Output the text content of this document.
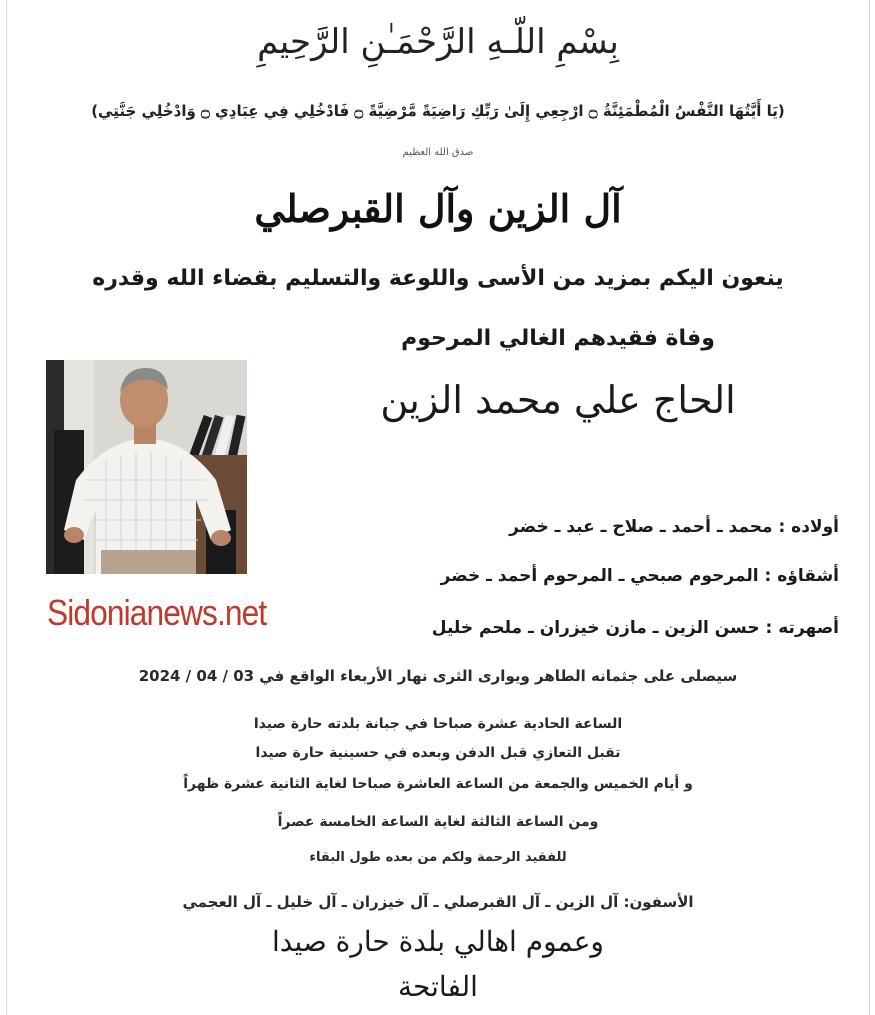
بِسْمِ اللّـهِ الرَّحْمَـٰنِ الرَّحِيمِ
(يَا أَيَّتُهَا النَّفْسُ الْمُطْمَئِنَّةُ ۝ ارْجِعِي إِلَىٰ رَبِّكِ رَاضِيَةً مَّرْضِيَّةً ۝ فَادْخُلِي فِي عِبَادِي ۝ وَادْخُلِي جَنَّتِي)
صدق الله العظيم
آل الزين وآل القبرصلي
ينعون اليكم بمزيد من الأسى واللوعة والتسليم بقضاء الله وقدره
وفاة فقيدهم الغالي المرحوم
الحاج علي محمد الزين
Sidonianews.net
أولاده : محمد ـ أحمد ـ صلاح ـ عبد ـ خضر
أشقاؤه : المرحوم صبحي ـ المرحوم أحمد ـ خضر
أصهرته : حسن الزين ـ مازن خيزران ـ ملحم خليل
سيصلى على جثمانه الطاهر ويوارى الثرى نهار الأربعاء الواقع في 03 / 04 / 2024
الساعة الحادية عشرة صباحا في جبانة بلدته حارة صيدا
تقبل التعازي قبل الدفن وبعده في حسينية حارة صيدا
و أيام الخميس والجمعة من الساعة العاشرة صباحا لغاية الثانية عشرة ظهراً
ومن الساعة الثالثة لغاية الساعة الخامسة عصراً
للفقيد الرحمة ولكم من بعده طول البقاء
الأسفون: آل الزين ـ آل القبرصلي ـ آل خيزران ـ آل خليل ـ آل العجمي
وعموم اهالي بلدة حارة صيدا
الفاتحة
